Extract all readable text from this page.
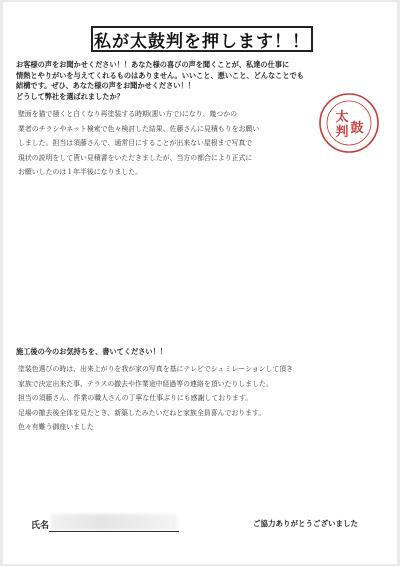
私が太鼓判を押します！！
お客様の声をお聞かせください！！あなた様の喜びの声を聞くことが、私達の仕事に
情熱とやりがいを与えてくれるものはありません。いいこと、悪いこと、どんなことでも
結構です。ぜひ、あなた様の声をお聞かせください！！
どうして弊社を選ばれましたか？
壁面を猫で掻くと白くなり再塗装する時期(悪い方で)になり、幾つかの
業者のチラシやネット検索で色々検討した結果、佐藤さんに見積もりをお願い
しました。担当は須藤さんで、通常目にすることが出来ない屋根まで写真で
現状の説明をして貰い見積書をいただきましたが、当方の都合により正式に
お願いしたのは１年半後になりました。
太
判 鼓
施工後の今のお気持ちを、書いてください！！
塗装色選びの時は、出来上がりを我が家の写真を基にテレビでシュミレーションして頂き
家族で決定出来た事、テラスの撤去や作業途中経過等の連絡を頂いたりしました。
担当の須藤さん、作業の職人さんの丁寧な仕事ぶりにも感謝しております。
足場の撤去後全体を見たとき、新築したみたいだねと家族全員喜んでおります。
色々有難う御座いました
氏名	ご協力ありがとうございました
